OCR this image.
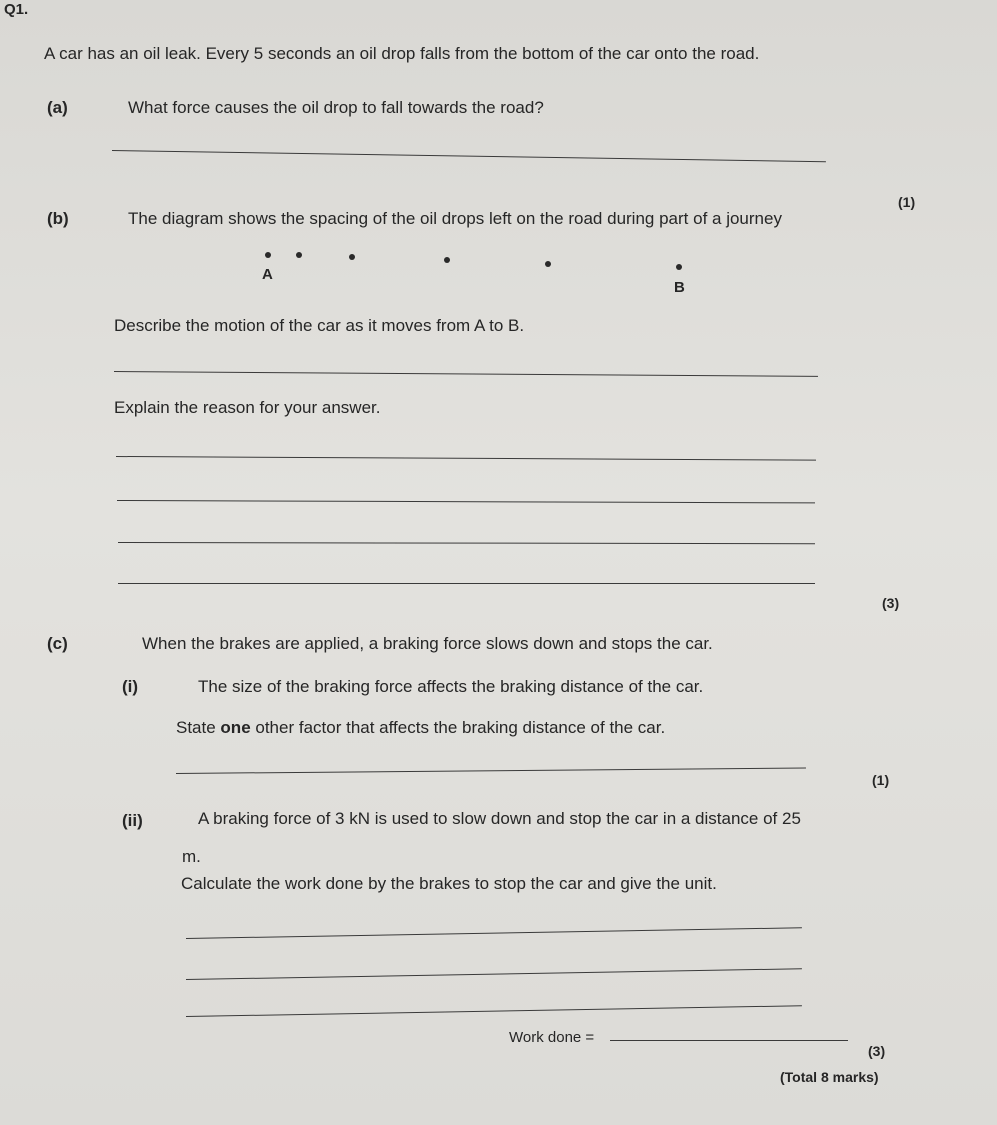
Q1.
A car has an oil leak. Every 5 seconds an oil drop falls from the bottom of the car onto the road.
(a)	What force causes the oil drop to fall towards the road?
(1)
(b)	The diagram shows the spacing of the oil drops left on the road during part of a journey
A
B
Describe the motion of the car as it moves from A to B.
Explain the reason for your answer.
(3)
(c)	When the brakes are applied, a braking force slows down and stops the car.
(i)	The size of the braking force affects the braking distance of the car.
State one other factor that affects the braking distance of the car.
(1)
(ii)	A braking force of 3 kN is used to slow down and stop the car in a distance of 25
m.
Calculate the work done by the brakes to stop the car and give the unit.
Work done =
(3)
(Total 8 marks)
